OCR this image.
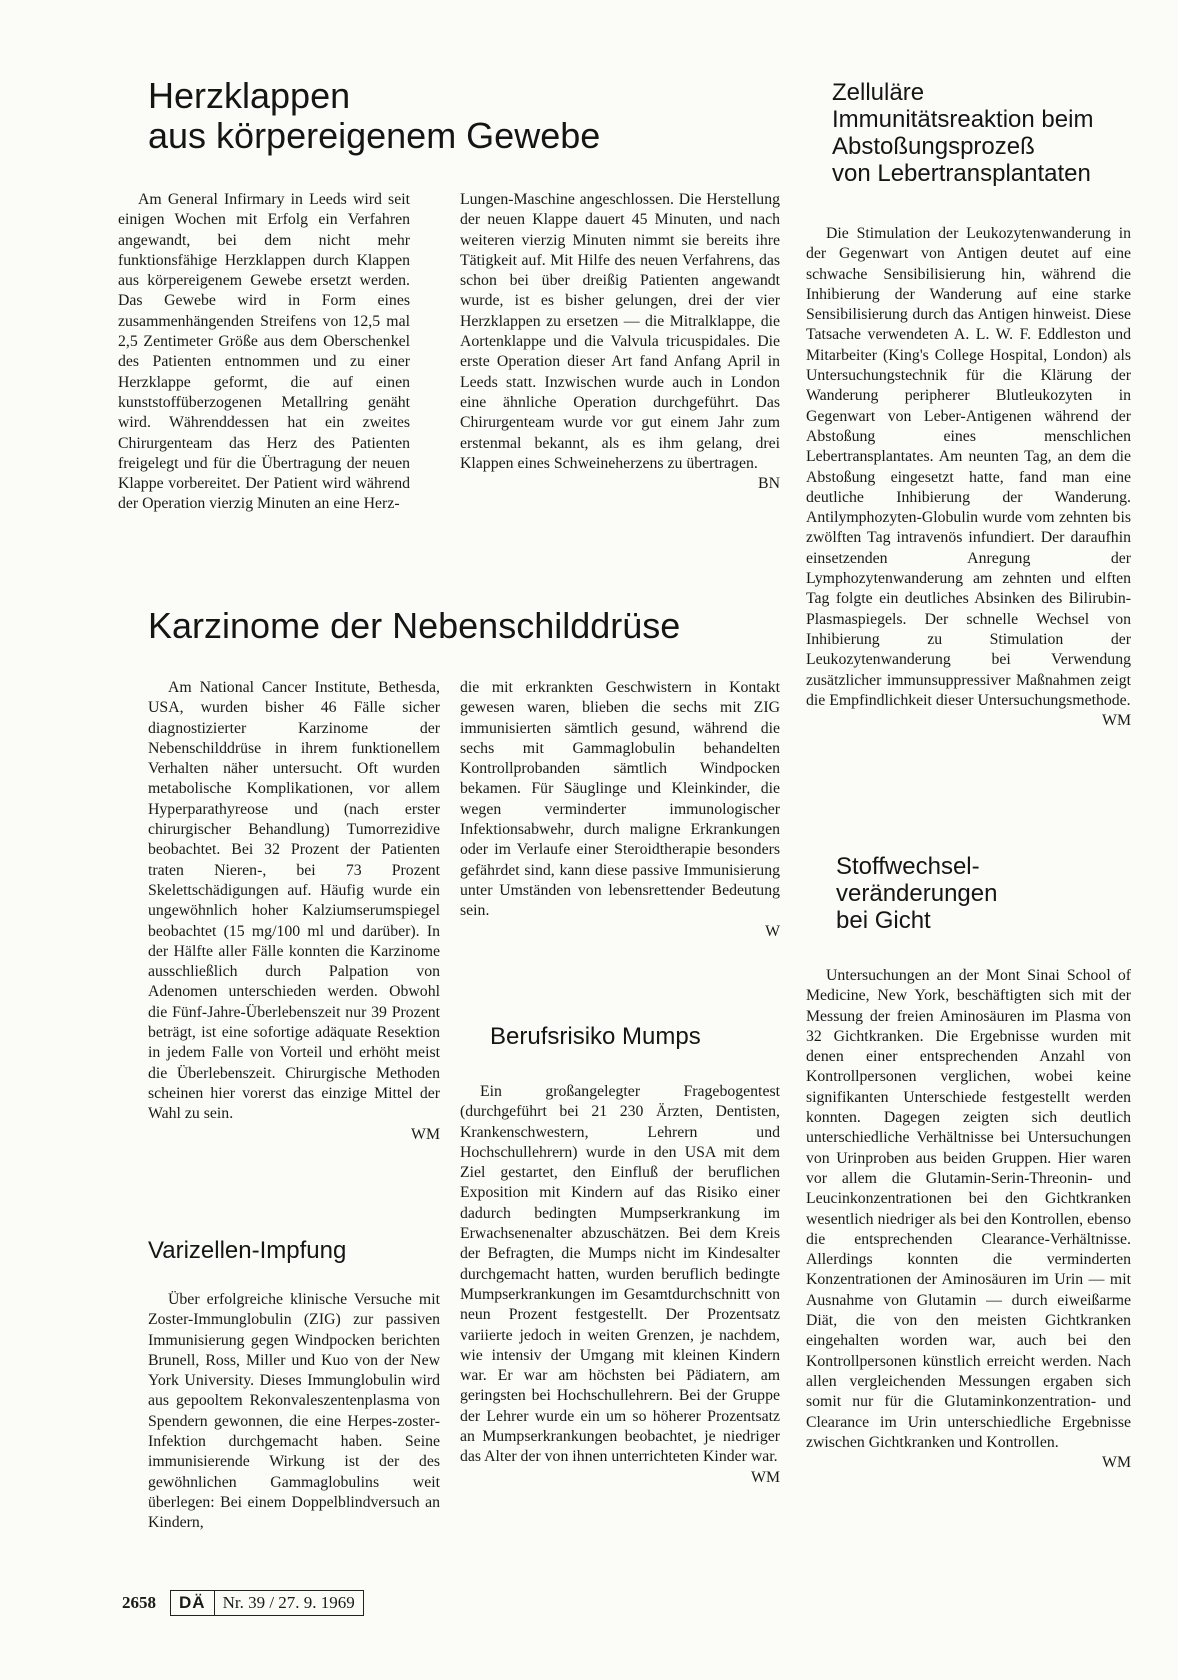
Herzklappen
aus körpereigenem Gewebe

Am General Infirmary in Leeds wird seit einigen Wochen mit Erfolg ein Verfahren angewandt, bei dem nicht mehr funktionsfähige Herzklappen durch Klappen aus körpereigenem Gewebe ersetzt werden. Das Gewebe wird in Form eines zusammenhängenden Streifens von 12,5 mal 2,5 Zentimeter Größe aus dem Oberschenkel des Patienten entnommen und zu einer Herzklappe geformt, die auf einen kunststoffüberzogenen Metallring genäht wird. Währenddessen hat ein zweites Chirurgenteam das Herz des Patienten freigelegt und für die Übertragung der neuen Klappe vorbereitet. Der Patient wird während der Operation vierzig Minuten an eine Herz-

Lungen-Maschine angeschlossen. Die Herstellung der neuen Klappe dauert 45 Minuten, und nach weiteren vierzig Minuten nimmt sie bereits ihre Tätigkeit auf. Mit Hilfe des neuen Verfahrens, das schon bei über dreißig Patienten angewandt wurde, ist es bisher gelungen, drei der vier Herzklappen zu ersetzen — die Mitralklappe, die Aortenklappe und die Valvula tricuspidales. Die erste Operation dieser Art fand Anfang April in Leeds statt. Inzwischen wurde auch in London eine ähnliche Operation durchgeführt. Das Chirurgenteam wurde vor gut einem Jahr zum erstenmal bekannt, als es ihm gelang, drei Klappen eines Schweineherzens zu übertragen.

BN
Karzinome der Nebenschilddrüse

Am National Cancer Institute, Bethesda, USA, wurden bisher 46 Fälle sicher diagnostizierter Karzinome der Nebenschilddrüse in ihrem funktionellem Verhalten näher untersucht. Oft wurden metabolische Komplikationen, vor allem Hyperparathyreose und (nach erster chirurgischer Behandlung) Tumorrezidive beobachtet. Bei 32 Prozent der Patienten traten Nieren-, bei 73 Prozent Skelettschädigungen auf. Häufig wurde ein ungewöhnlich hoher Kalziumserumspiegel beobachtet (15 mg/100 ml und darüber). In der Hälfte aller Fälle konnten die Karzinome ausschließlich durch Palpation von Adenomen unterschieden werden. Obwohl die Fünf-Jahre-Überlebenszeit nur 39 Prozent beträgt, ist eine sofortige adäquate Resektion in jedem Falle von Vorteil und erhöht meist die Überlebenszeit. Chirurgische Methoden scheinen hier vorerst das einzige Mittel der Wahl zu sein.

WM
Varizellen-Impfung

Über erfolgreiche klinische Versuche mit Zoster-Immunglobulin (ZIG) zur passiven Immunisierung gegen Windpocken berichten Brunell, Ross, Miller und Kuo von der New York University. Dieses Immunglobulin wird aus gepooltem Rekonvaleszentenplasma von Spendern gewonnen, die eine Herpes-zoster-Infektion durchgemacht haben. Seine immunisierende Wirkung ist der des gewöhnlichen Gammaglobulins weit überlegen: Bei einem Doppelblindversuch an Kindern,

die mit erkrankten Geschwistern in Kontakt gewesen waren, blieben die sechs mit ZIG immunisierten sämtlich gesund, während die sechs mit Gammaglobulin behandelten Kontrollprobanden sämtlich Windpocken bekamen. Für Säuglinge und Kleinkinder, die wegen verminderter immunologischer Infektionsabwehr, durch maligne Erkrankungen oder im Verlaufe einer Steroidtherapie besonders gefährdet sind, kann diese passive Immunisierung unter Umständen von lebensrettender Bedeutung sein.

W
Berufsrisiko Mumps

Ein großangelegter Fragebogentest (durchgeführt bei 21 230 Ärzten, Dentisten, Krankenschwestern, Lehrern und Hochschullehrern) wurde in den USA mit dem Ziel gestartet, den Einfluß der beruflichen Exposition mit Kindern auf das Risiko einer dadurch bedingten Mumpserkrankung im Erwachsenenalter abzuschätzen. Bei dem Kreis der Befragten, die Mumps nicht im Kindesalter durchgemacht hatten, wurden beruflich bedingte Mumpserkrankungen im Gesamtdurchschnitt von neun Prozent festgestellt. Der Prozentsatz variierte jedoch in weiten Grenzen, je nachdem, wie intensiv der Umgang mit kleinen Kindern war. Er war am höchsten bei Pädiatern, am geringsten bei Hochschullehrern. Bei der Gruppe der Lehrer wurde ein um so höherer Prozentsatz an Mumpserkrankungen beobachtet, je niedriger das Alter der von ihnen unterrichteten Kinder war.

WM
Zelluläre
Immunitätsreaktion beim
Abstoßungsprozeß
von Lebertransplantaten

Die Stimulation der Leukozytenwanderung in der Gegenwart von Antigen deutet auf eine schwache Sensibilisierung hin, während die Inhibierung der Wanderung auf eine starke Sensibilisierung durch das Antigen hinweist. Diese Tatsache verwendeten A. L. W. F. Eddleston und Mitarbeiter (King's College Hospital, London) als Untersuchungstechnik für die Klärung der Wanderung peripherer Blutleukozyten in Gegenwart von Leber-Antigenen während der Abstoßung eines menschlichen Lebertransplantates. Am neunten Tag, an dem die Abstoßung eingesetzt hatte, fand man eine deutliche Inhibierung der Wanderung. Antilymphozyten-Globulin wurde vom zehnten bis zwölften Tag intravenös infundiert. Der daraufhin einsetzenden Anregung der Lymphozytenwanderung am zehnten und elften Tag folgte ein deutliches Absinken des Bilirubin-Plasmaspiegels. Der schnelle Wechsel von Inhibierung zu Stimulation der Leukozytenwanderung bei Verwendung zusätzlicher immunsuppressiver Maßnahmen zeigt die Empfindlichkeit dieser Untersuchungsmethode.

WM
Stoffwechsel-
veränderungen
bei Gicht

Untersuchungen an der Mont Sinai School of Medicine, New York, beschäftigten sich mit der Messung der freien Aminosäuren im Plasma von 32 Gichtkranken. Die Ergebnisse wurden mit denen einer entsprechenden Anzahl von Kontrollpersonen verglichen, wobei keine signifikanten Unterschiede festgestellt werden konnten. Dagegen zeigten sich deutlich unterschiedliche Verhältnisse bei Untersuchungen von Urinproben aus beiden Gruppen. Hier waren vor allem die Glutamin-Serin-Threonin- und Leucinkonzentrationen bei den Gichtkranken wesentlich niedriger als bei den Kontrollen, ebenso die entsprechenden Clearance-Verhältnisse. Allerdings konnten die verminderten Konzentrationen der Aminosäuren im Urin — mit Ausnahme von Glutamin — durch eiweißarme Diät, die von den meisten Gichtkranken eingehalten worden war, auch bei den Kontrollpersonen künstlich erreicht werden. Nach allen vergleichenden Messungen ergaben sich somit nur für die Glutaminkonzentration- und Clearance im Urin unterschiedliche Ergebnisse zwischen Gichtkranken und Kontrollen.

WM
2658	DÄ	Nr. 39 / 27. 9. 1969
